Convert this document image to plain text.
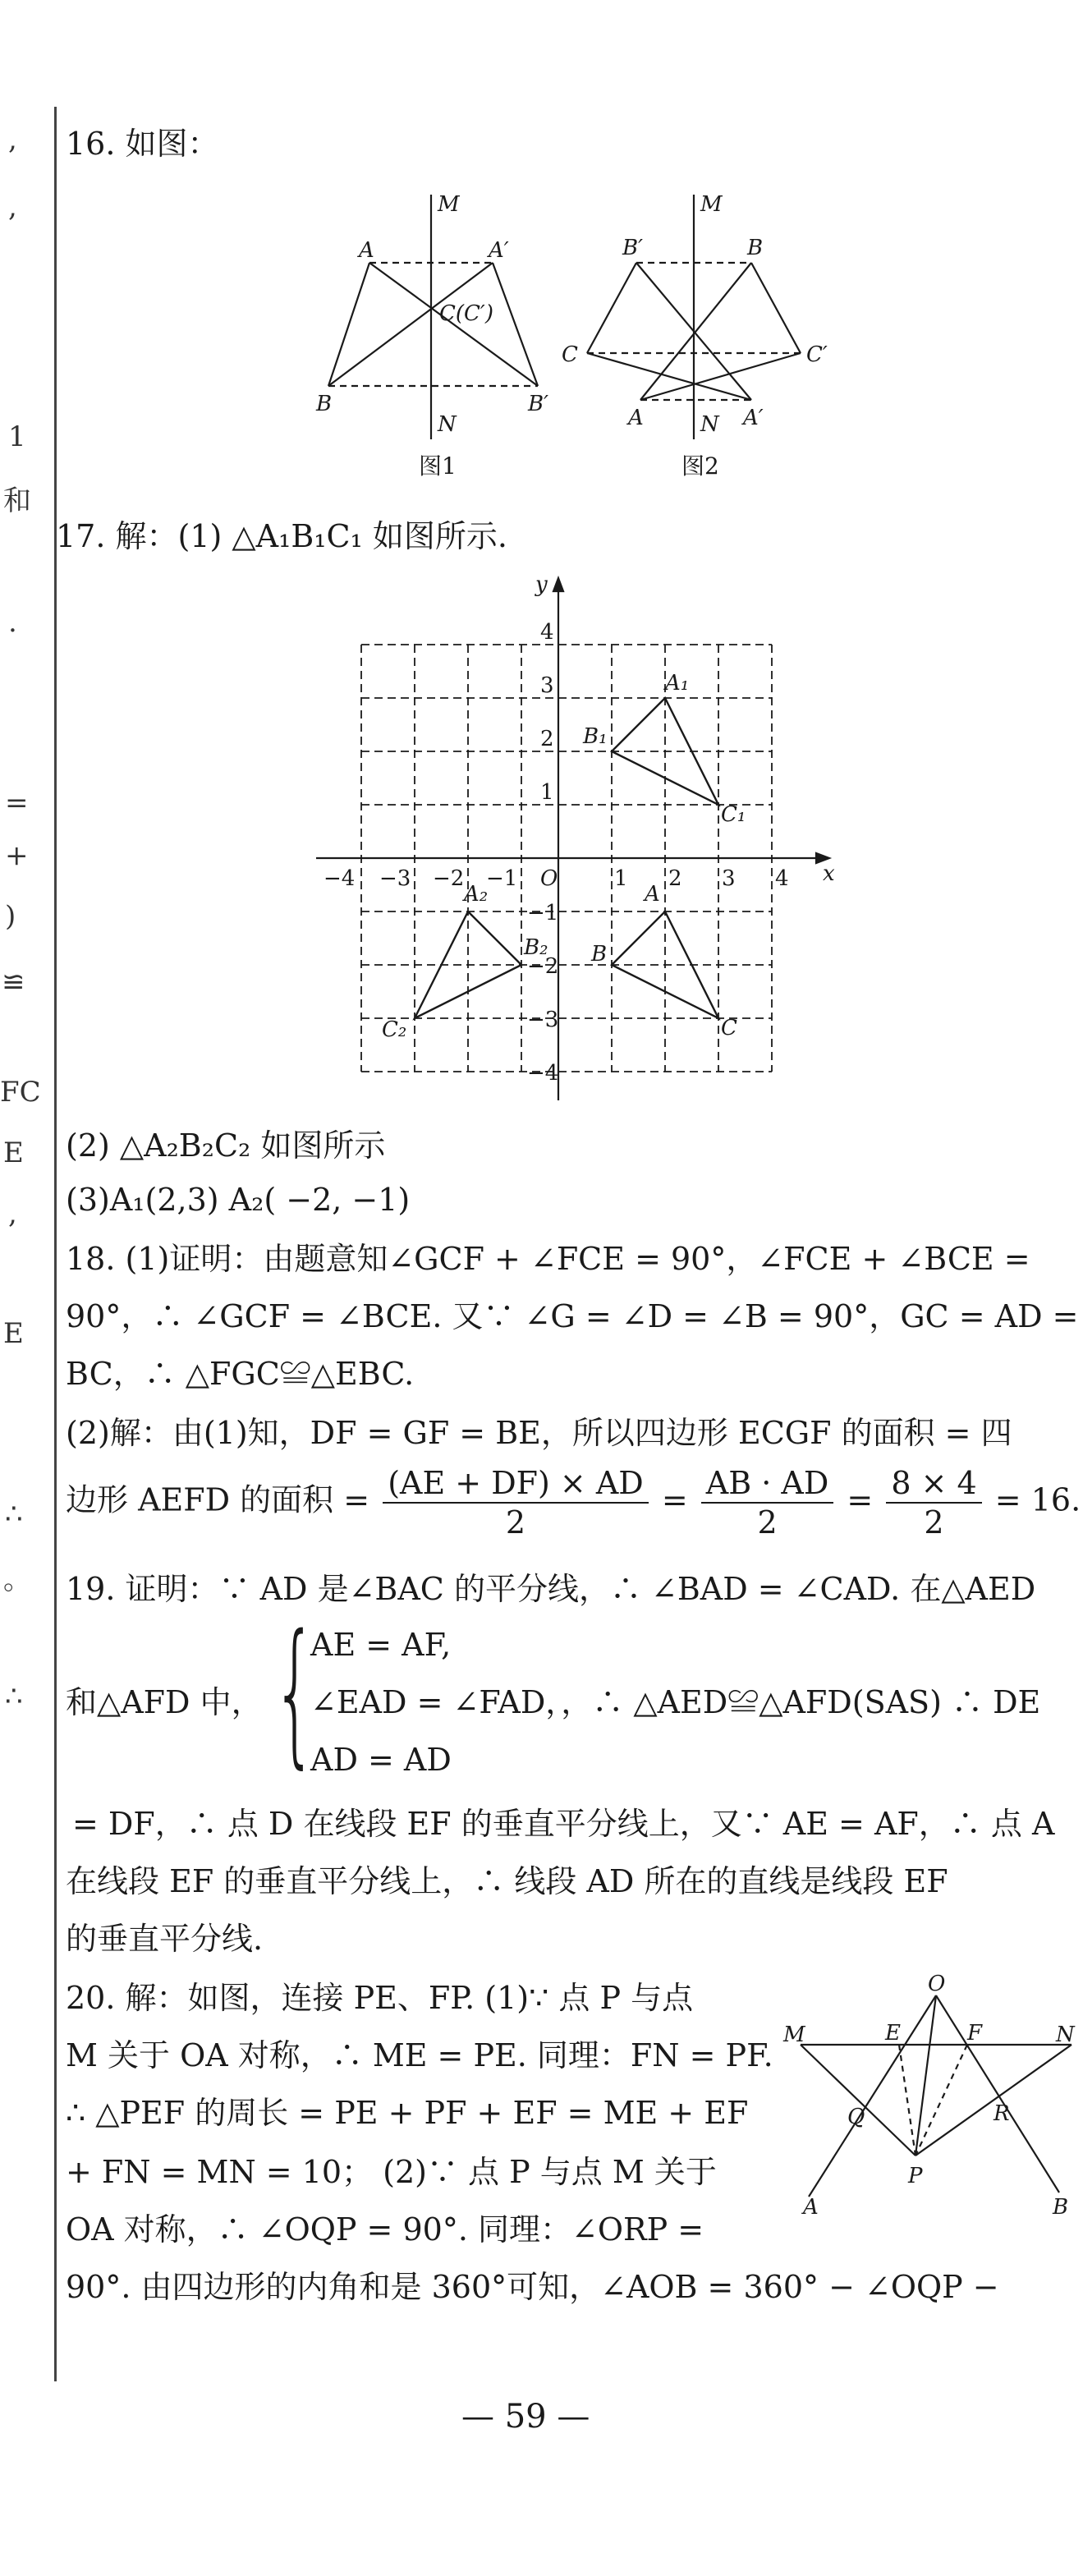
,
,
1
和
.
=
+
)
≌
FC
E
,
E
∴
。
∴
16. 如图：
M
A	A′
C(C′)
B	B′
N
图1
M
B′	B
C	C′
A	A′
N
图2
17. 解：(1) △A₁B₁C₁ 如图所示.
x
y
O
−4 −3 −2 −1	1 2 3 4
4
3
2
1
−1
−2
−3
−4
A₁
B₁
C₁
A
B
C
A₂
B₂
C₂
(2) △A₂B₂C₂ 如图所示
(3)A₁(2,3) A₂( −2, −1)
18. (1)证明：由题意知∠GCF + ∠FCE = 90°，∠FCE + ∠BCE =
90°，∴ ∠GCF = ∠BCE. 又∵ ∠G = ∠D = ∠B = 90°，GC = AD =
BC，∴ △FGC≌△EBC.
(2)解：由(1)知，DF = GF = BE，所以四边形 ECGF 的面积 = 四
边形 AEFD 的面积 = $\frac{(AE + DF) \times AD}{2} = \frac{AB \cdot AD}{2} = \frac{8 \times 4}{2} = 16$.
19. 证明：∵ AD 是∠BAC 的平分线，∴ ∠BAD = ∠CAD. 在△AED
和△AFD 中， {
AE = AF,
∠EAD = ∠FAD，，∴ △AED≌△AFD(SAS) ∴ DE
AD = AD
= DF，∴ 点 D 在线段 EF 的垂直平分线上，又∵ AE = AF，∴ 点 A
在线段 EF 的垂直平分线上，∴ 线段 AD 所在的直线是线段 EF
的垂直平分线.
20. 解：如图，连接 PE、FP. (1)∵ 点 P 与点
M 关于 OA 对称，∴ ME = PE. 同理：FN = PF.
∴ △PEF 的周长 = PE + PF + EF = ME + EF
+ FN = MN = 10； (2)∵ 点 P 与点 M 关于
OA 对称，∴ ∠OQP = 90°. 同理：∠ORP =
90°. 由四边形的内角和是 360°可知，∠AOB = 360° − ∠OQP −
O
M	E	F	N
Q	R
P
A	B
— 59 —
